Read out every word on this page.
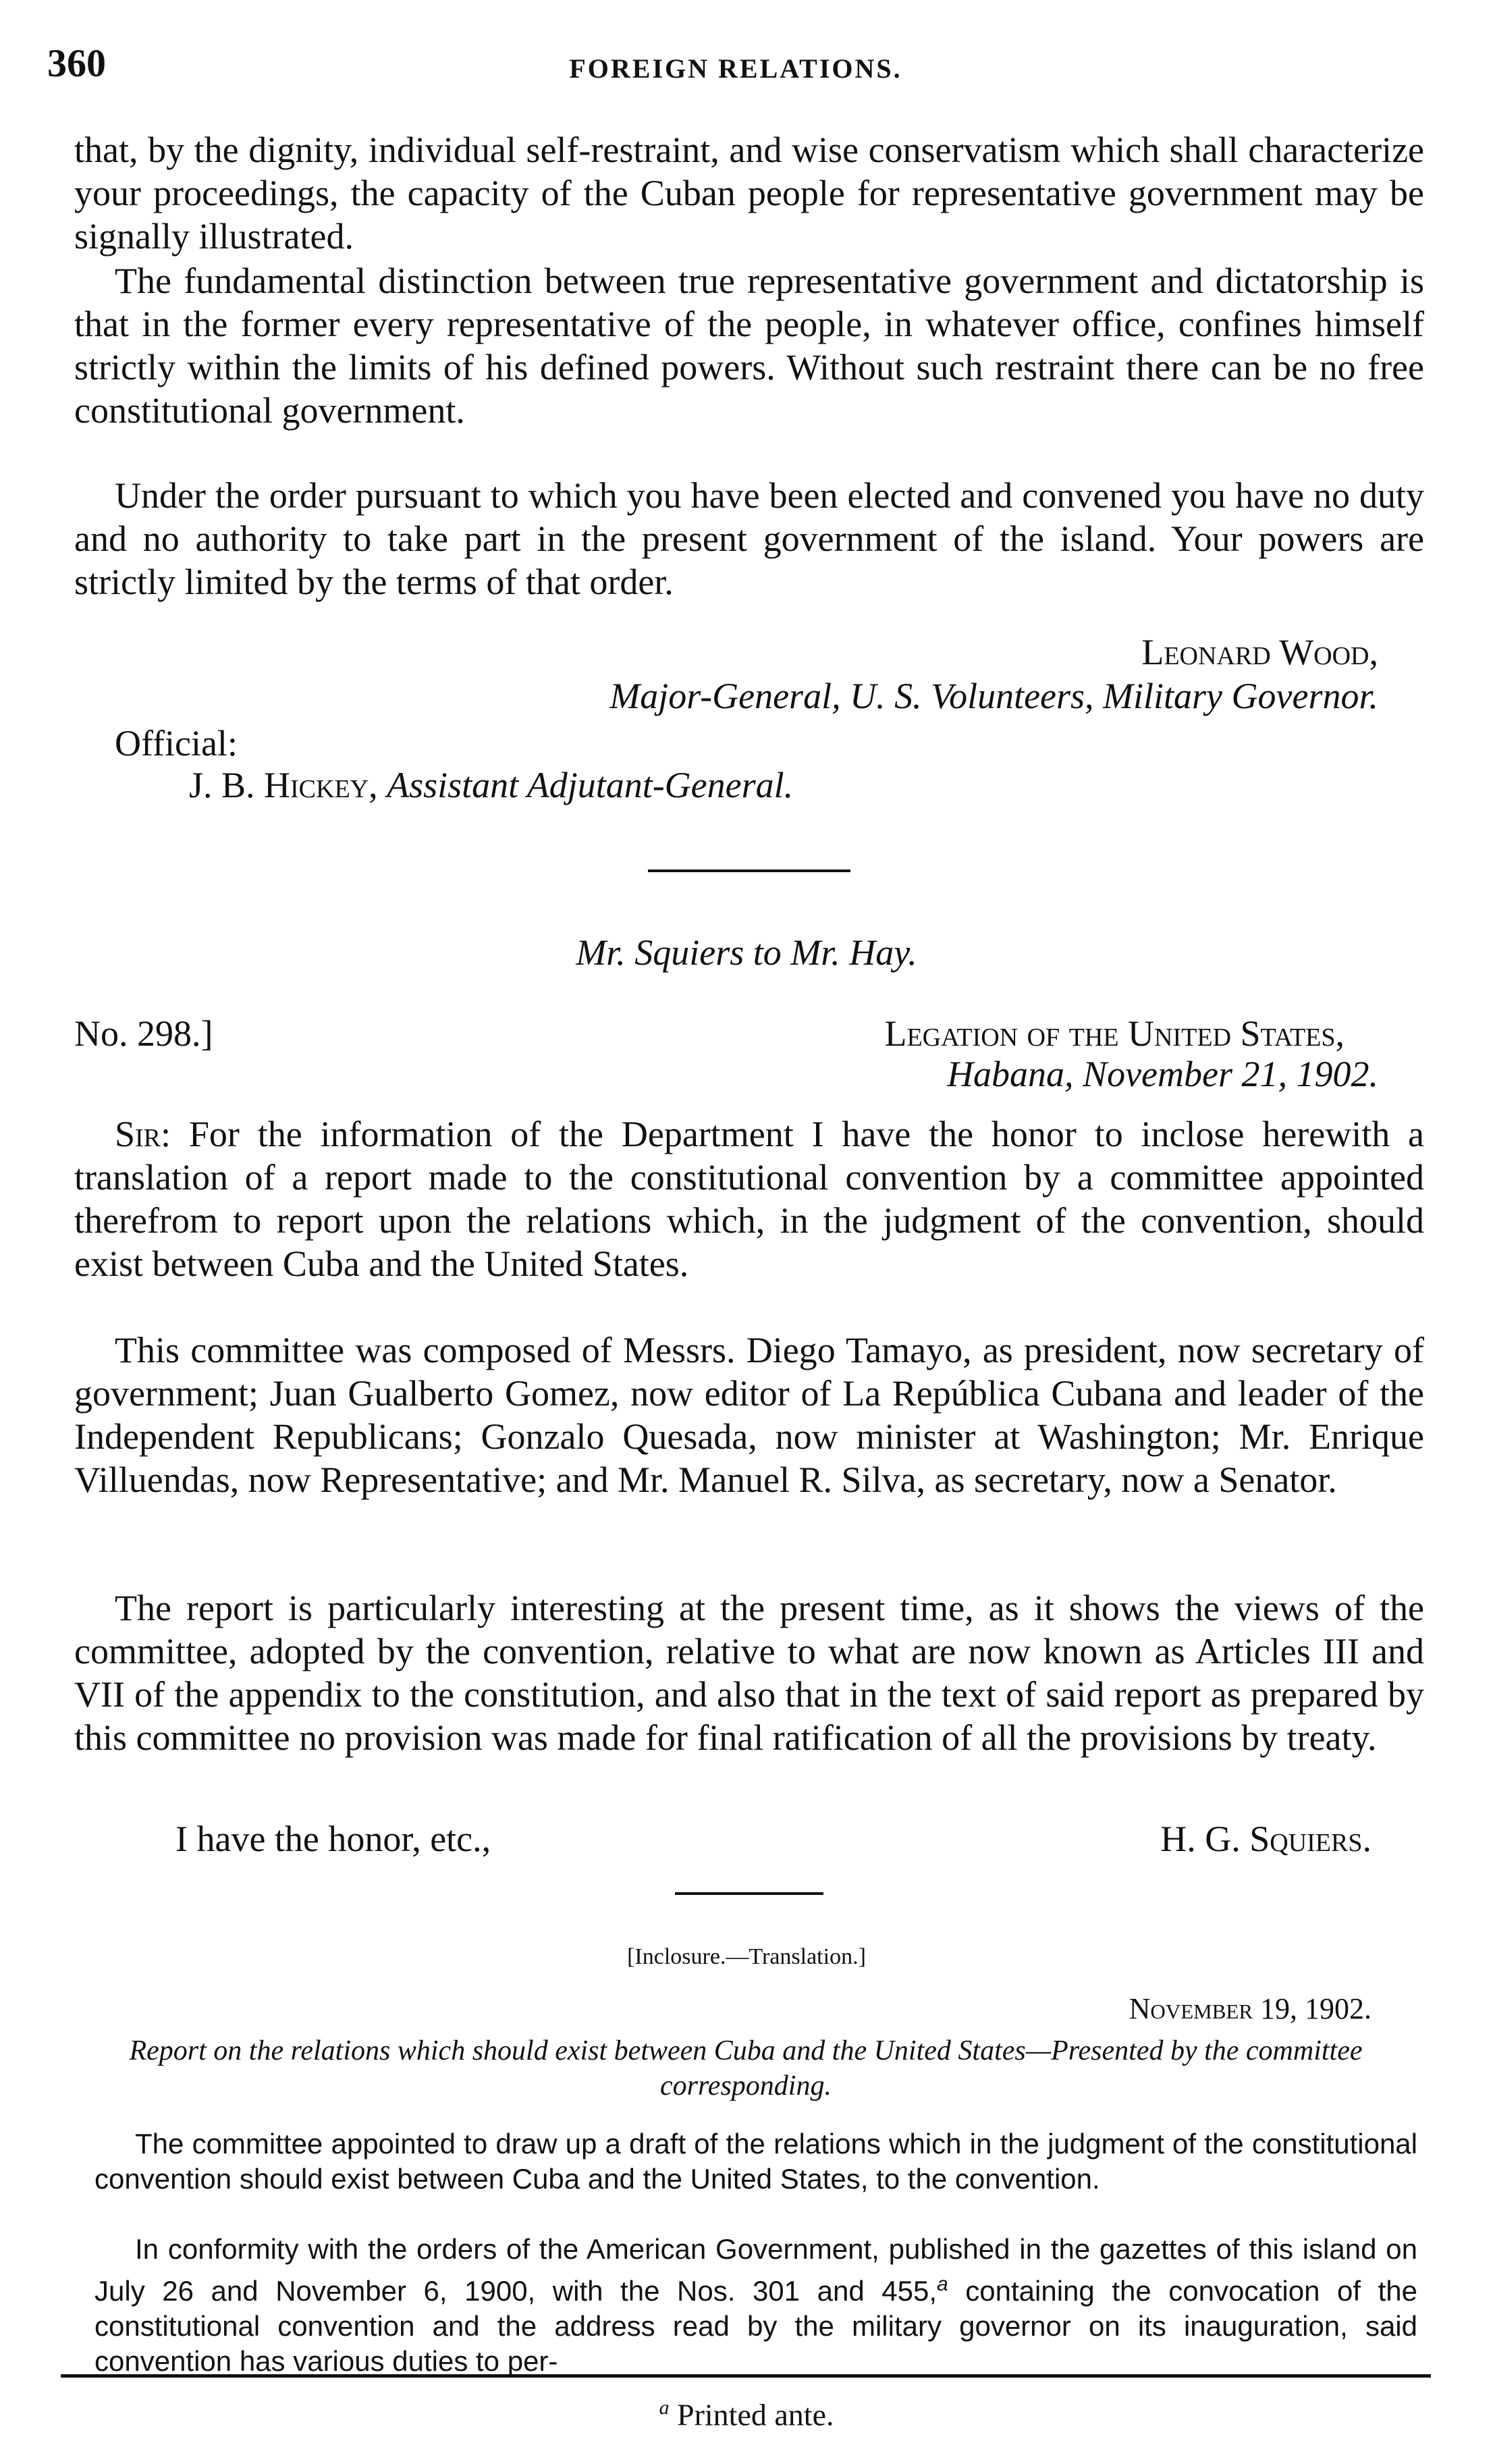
360	FOREIGN RELATIONS.

that, by the dignity, individual self-restraint, and wise conservatism which shall characterize your proceedings, the capacity of the Cuban people for representative government may be signally illustrated.

The fundamental distinction between true representative government and dictatorship is that in the former every representative of the people, in whatever office, confines himself strictly within the limits of his defined powers. Without such restraint there can be no free constitutional government.

Under the order pursuant to which you have been elected and convened you have no duty and no authority to take part in the present government of the island. Your powers are strictly limited by the terms of that order.

Leonard Wood,
Major-General, U. S. Volunteers, Military Governor.
Official:
J. B. Hickey, Assistant Adjutant-General.
Mr. Squiers to Mr. Hay.
No. 298.]	Legation of the United States,
Habana, November 21, 1902.

Sir: For the information of the Department I have the honor to inclose herewith a translation of a report made to the constitutional convention by a committee appointed therefrom to report upon the relations which, in the judgment of the convention, should exist between Cuba and the United States.

This committee was composed of Messrs. Diego Tamayo, as president, now secretary of government; Juan Gualberto Gomez, now editor of La República Cubana and leader of the Independent Republicans; Gonzalo Quesada, now minister at Washington; Mr. Enrique Villuendas, now Representative; and Mr. Manuel R. Silva, as secretary, now a Senator.

The report is particularly interesting at the present time, as it shows the views of the committee, adopted by the convention, relative to what are now known as Articles III and VII of the appendix to the constitution, and also that in the text of said report as prepared by this committee no provision was made for final ratification of all the provisions by treaty.

I have the honor, etc.,	H. G. Squiers.
[Inclosure.—Translation.]
November 19, 1902.
Report on the relations which should exist between Cuba and the United States—Presented by the committee corresponding.

The committee appointed to draw up a draft of the relations which in the judgment of the constitutional convention should exist between Cuba and the United States, to the convention.

In conformity with the orders of the American Government, published in the gazettes of this island on July 26 and November 6, 1900, with the Nos. 301 and 455,$^a$ containing the convocation of the constitutional convention and the address read by the military governor on its inauguration, said convention has various duties to per-

$^a$ Printed ante.
